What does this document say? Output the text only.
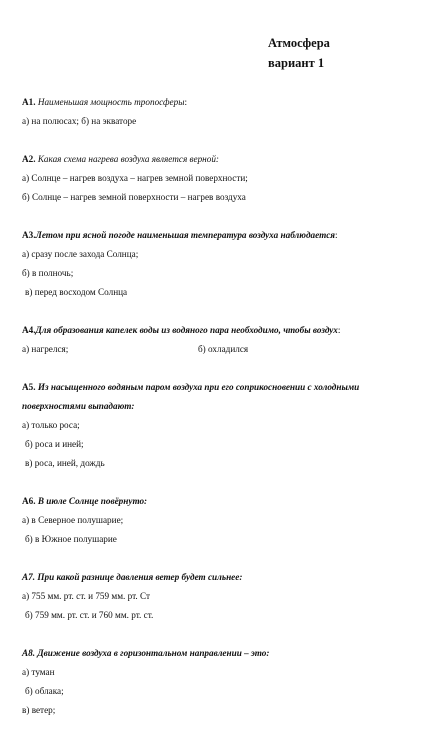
Атмосфера
вариант 1
А1. Наименьшая мощность тропосферы:
а) на полюсах; б) на экваторе
А2. Какая схема нагрева воздуха является верной:
а) Солнце – нагрев воздуха – нагрев земной поверхности;
б) Солнце – нагрев земной поверхности – нагрев воздуха
А3.Летом при ясной погоде наименьшая температура воздуха наблюдается:
а) сразу после захода Солнца;
б) в полночь;
в) перед восходом Солнца
А4.Для образования капелек воды из водяного пара необходимо, чтобы воздух:
а) нагрелся;	б) охладился
А5. Из насыщенного водяным паром воздуха при его соприкосновении с холодными
поверхностями выпадают:
а) только роса;
б) роса и иней;
в) роса, иней, дождь
А6. В июле Солнце повёрнуто:
а) в Северное полушарие;
б) в Южное полушарие
А7. При какой разнице давления ветер будет сильнее:
а) 755 мм. рт. ст. и 759 мм. рт. Ст
б) 759 мм. рт. ст. и 760 мм. рт. ст.
А8. Движение воздуха в горизонтальном направлении – это:
а) туман
б) облака;
в) ветер;
